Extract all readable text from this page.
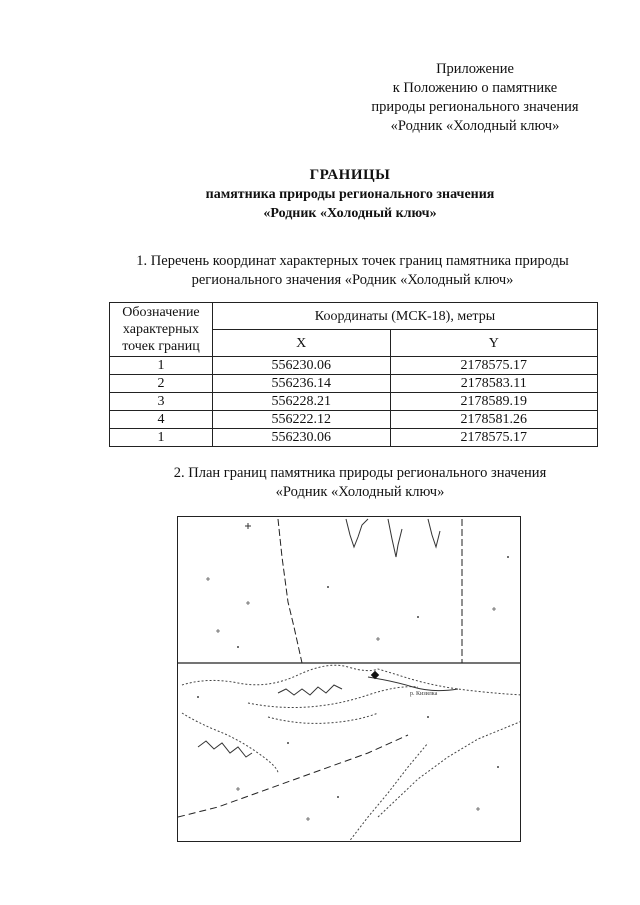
Приложение
к Положению о памятнике
природы регионального значения
«Родник «Холодный ключ»
ГРАНИЦЫ
памятника природы регионального значения
«Родник «Холодный ключ»
1. Перечень координат характерных точек границ памятника природы
регионального значения «Родник «Холодный ключ»
Обозначение характерных точек границ	Координаты (МСК-18), метры	
	X	Y
1	556230.06	2178575.17
2	556236.14	2178583.11
3	556228.21	2178589.19
4	556222.12	2178581.26
1	556230.06	2178575.17
2. План границ памятника природы регионального значения
«Родник «Холодный ключ»
р. Кизилка
